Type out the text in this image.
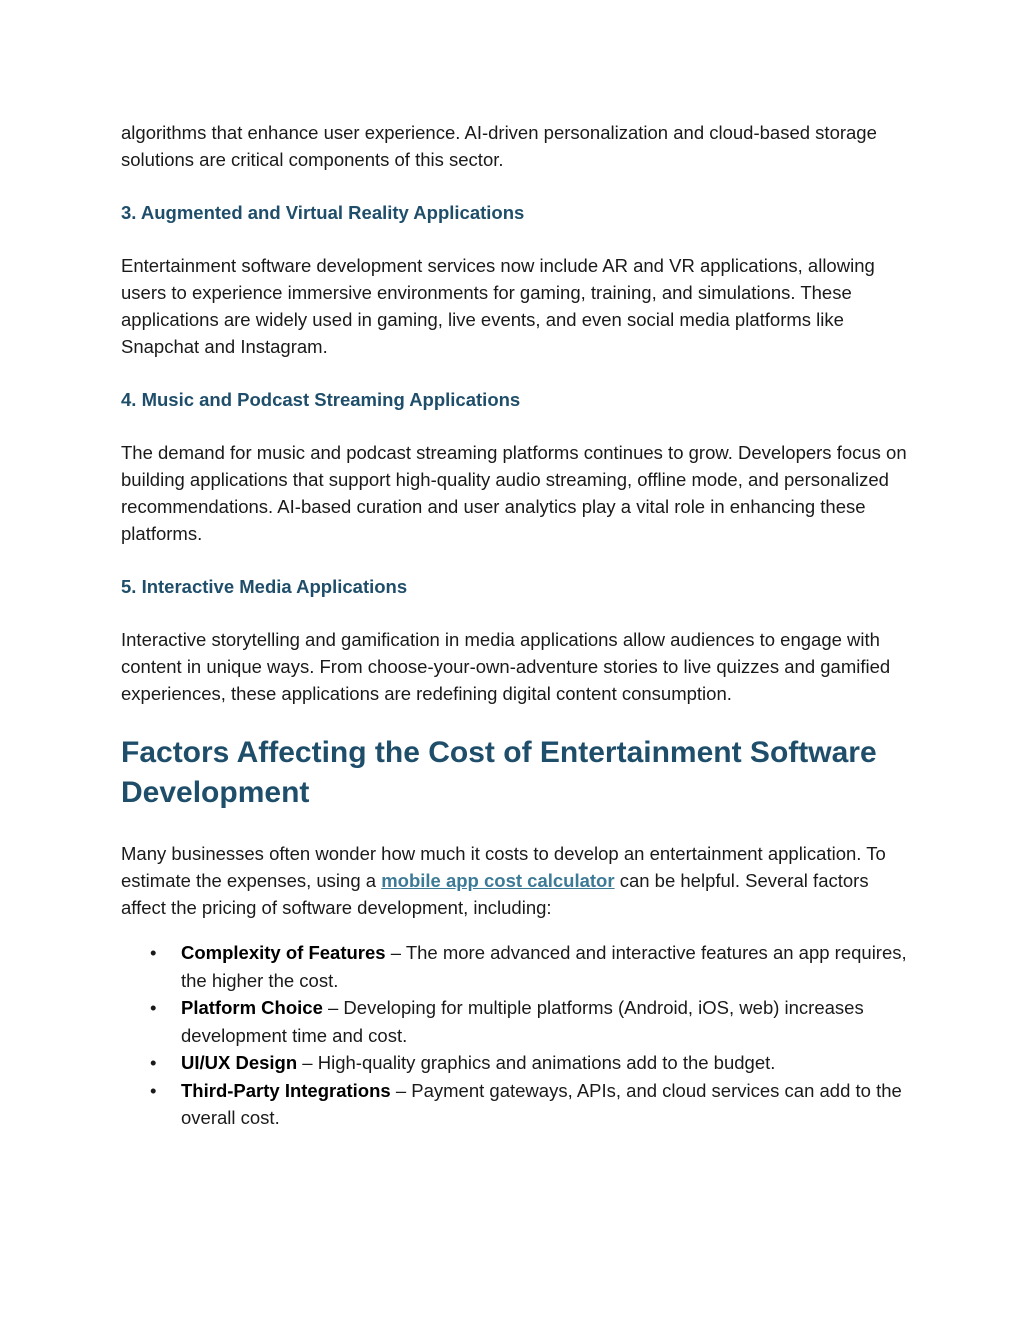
algorithms that enhance user experience. AI-driven personalization and cloud-based storage solutions are critical components of this sector.

3. Augmented and Virtual Reality Applications

Entertainment software development services now include AR and VR applications, allowing users to experience immersive environments for gaming, training, and simulations. These applications are widely used in gaming, live events, and even social media platforms like Snapchat and Instagram.

4. Music and Podcast Streaming Applications

The demand for music and podcast streaming platforms continues to grow. Developers focus on building applications that support high-quality audio streaming, offline mode, and personalized recommendations. AI-based curation and user analytics play a vital role in enhancing these platforms.

5. Interactive Media Applications

Interactive storytelling and gamification in media applications allow audiences to engage with content in unique ways. From choose-your-own-adventure stories to live quizzes and gamified experiences, these applications are redefining digital content consumption.

Factors Affecting the Cost of Entertainment Software Development

Many businesses often wonder how much it costs to develop an entertainment application. To estimate the expenses, using a mobile app cost calculator can be helpful. Several factors affect the pricing of software development, including:

• Complexity of Features – The more advanced and interactive features an app requires, the higher the cost.
• Platform Choice – Developing for multiple platforms (Android, iOS, web) increases development time and cost.
• UI/UX Design – High-quality graphics and animations add to the budget.
• Third-Party Integrations – Payment gateways, APIs, and cloud services can add to the overall cost.
